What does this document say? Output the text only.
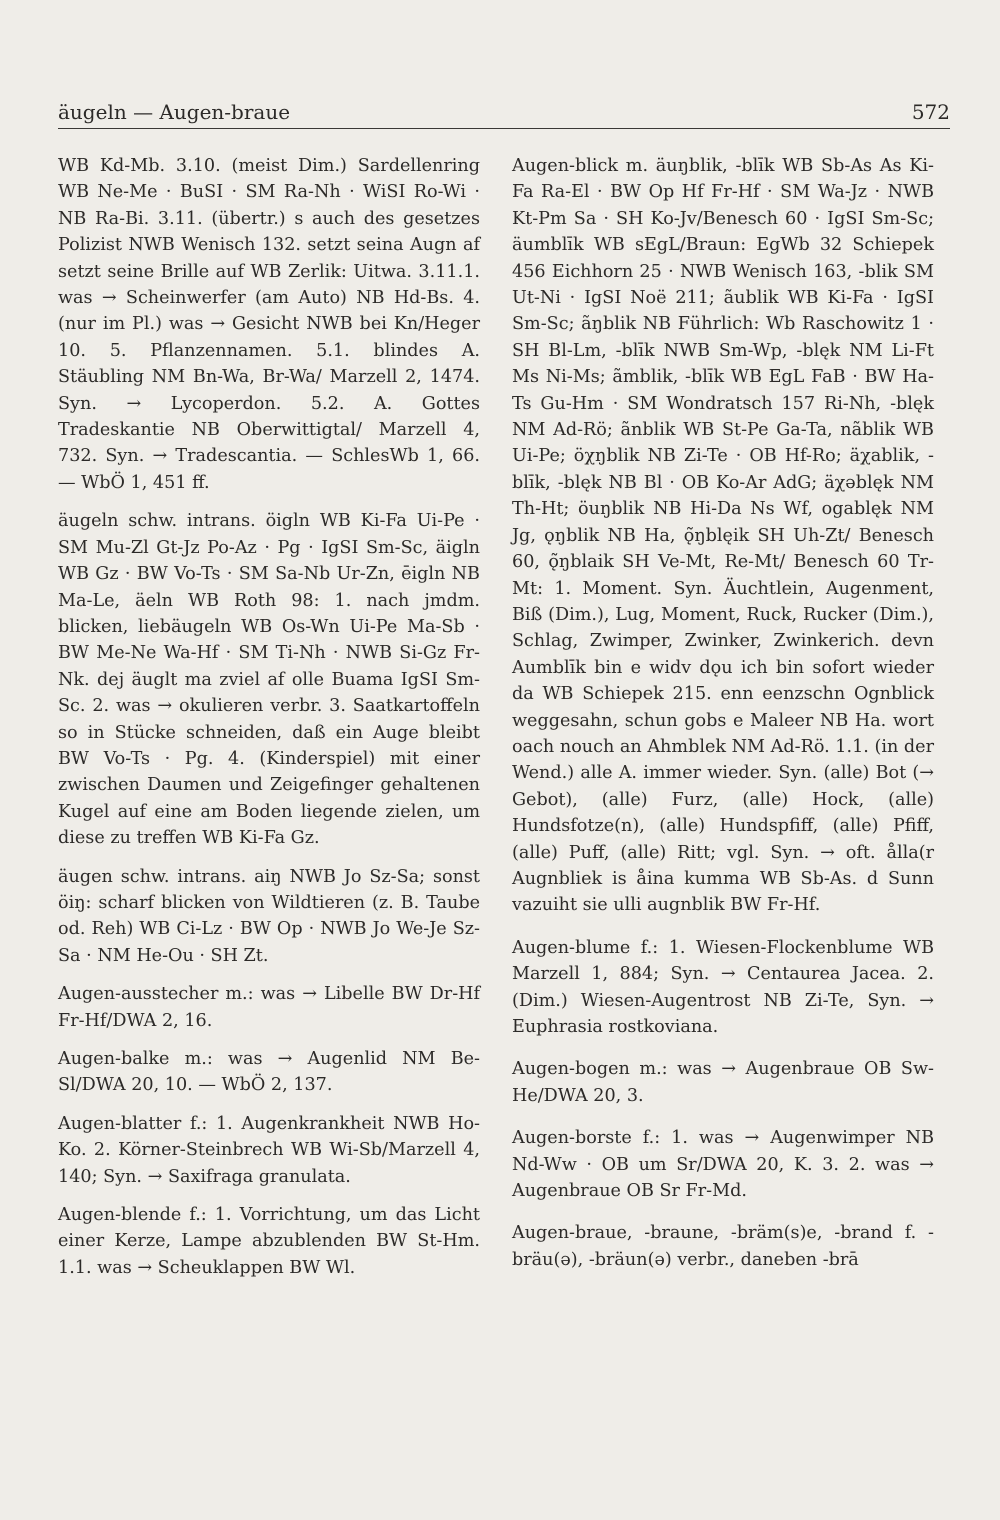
äugeln — Augen-braue	572

WB Kd-Mb. 3.10. (meist Dim.) Sardellenring WB Ne-Me · BuSI · SM Ra-Nh · WiSI Ro-Wi · NB Ra-Bi. 3.11. (übertr.) s auch des gesetzes Polizist NWB Wenisch 132. setzt seina Augn af setzt seine Brille auf WB Zerlik: Uitwa. 3.11.1. was → Scheinwerfer (am Auto) NB Hd-Bs. 4. (nur im Pl.) was → Gesicht NWB bei Kn/Heger 10. 5. Pflanzennamen. 5.1. blindes A. Stäubling NM Bn-Wa, Br-Wa/ Marzell 2, 1474. Syn. → Lycoperdon. 5.2. A. Gottes Tradeskantie NB Oberwittigtal/ Marzell 4, 732. Syn. → Tradescantia. — SchlesWb 1, 66. — WbÖ 1, 451 ff.

äugeln schw. intrans. öigln WB Ki-Fa Ui-Pe · SM Mu-Zl Gt-Jz Po-Az · Pg · IgSI Sm-Sc, äigln WB Gz · BW Vo-Ts · SM Sa-Nb Ur-Zn, ēigln NB Ma-Le, äeln WB Roth 98: 1. nach jmdm. blicken, liebäugeln WB Os-Wn Ui-Pe Ma-Sb · BW Me-Ne Wa-Hf · SM Ti-Nh · NWB Si-Gz Fr-Nk. dej äuglt ma zviel af olle Buama IgSI Sm-Sc. 2. was → okulieren verbr. 3. Saatkartoffeln so in Stücke schneiden, daß ein Auge bleibt BW Vo-Ts · Pg. 4. (Kinderspiel) mit einer zwischen Daumen und Zeigefinger gehaltenen Kugel auf eine am Boden liegende zielen, um diese zu treffen WB Ki-Fa Gz.

äugen schw. intrans. aiŋ NWB Jo Sz-Sa; sonst öiŋ: scharf blicken von Wildtieren (z. B. Taube od. Reh) WB Ci-Lz · BW Op · NWB Jo We-Je Sz-Sa · NM He-Ou · SH Zt.

Augen-ausstecher m.: was → Libelle BW Dr-Hf Fr-Hf/DWA 2, 16.

Augen-balke m.: was → Augenlid NM Be-Sl/DWA 20, 10. — WbÖ 2, 137.

Augen-blatter f.: 1. Augenkrankheit NWB Ho-Ko. 2. Körner-Steinbrech WB Wi-Sb/Marzell 4, 140; Syn. → Saxifraga granulata.

Augen-blende f.: 1. Vorrichtung, um das Licht einer Kerze, Lampe abzublenden BW St-Hm. 1.1. was → Scheuklappen BW Wl.

Augen-blick m. äuŋblik, -blīk WB Sb-As As Ki-Fa Ra-El · BW Op Hf Fr-Hf · SM Wa-Jz · NWB Kt-Pm Sa · SH Ko-Jv/Benesch 60 · IgSI Sm-Sc; äumblīk WB sEgL/Braun: EgWb 32 Schiepek 456 Eichhorn 25 · NWB Wenisch 163, -blik SM Ut-Ni · IgSI Noë 211; ãublik WB Ki-Fa · IgSI Sm-Sc; ãŋblik NB Führlich: Wb Raschowitz 1 · SH Bl-Lm, -blīk NWB Sm-Wp, -blęk NM Li-Ft Ms Ni-Ms; ãmblik, -blīk WB EgL FaB · BW Ha-Ts Gu-Hm · SM Wondratsch 157 Ri-Nh, -blęk NM Ad-Rö; ãnblik WB St-Pe Ga-Ta, nãblik WB Ui-Pe; öχŋblik NB Zi-Te · OB Hf-Ro; äχablik, -blīk, -blęk NB Bl · OB Ko-Ar AdG; äχəblęk NM Th-Ht; öuŋblik NB Hi-Da Ns Wf, ogablęk NM Jg, ǫŋblik NB Ha, ǫ̃ŋblęik SH Uh-Zt/ Benesch 60, ǫ̃ŋblaik SH Ve-Mt, Re-Mt/ Benesch 60 Tr-Mt: 1. Moment. Syn. Äuchtlein, Augenment, Biß (Dim.), Lug, Moment, Ruck, Rucker (Dim.), Schlag, Zwimper, Zwinker, Zwinkerich. devn Aumblīk bin e widv dǫu ich bin sofort wieder da WB Schiepek 215. enn eenzschn Ognblick weggesahn, schun gobs e Maleer NB Ha. wort oach nouch an Ahmblek NM Ad-Rö. 1.1. (in der Wend.) alle A. immer wieder. Syn. (alle) Bot (→ Gebot), (alle) Furz, (alle) Hock, (alle) Hundsfotze(n), (alle) Hundspfiff, (alle) Pfiff, (alle) Puff, (alle) Ritt; vgl. Syn. → oft. ålla(r Augnbliek is åina kumma WB Sb-As. d Sunn vazuiht sie ulli augnblik BW Fr-Hf.

Augen-blume f.: 1. Wiesen-Flockenblume WB Marzell 1, 884; Syn. → Centaurea Jacea. 2. (Dim.) Wiesen-Augentrost NB Zi-Te, Syn. → Euphrasia rostkoviana.

Augen-bogen m.: was → Augenbraue OB Sw-He/DWA 20, 3.

Augen-borste f.: 1. was → Augenwimper NB Nd-Ww · OB um Sr/DWA 20, K. 3. 2. was → Augenbraue OB Sr Fr-Md.

Augen-braue, -braune, -bräm(s)e, -brand f. -bräu(ə), -bräun(ə) verbr., daneben -brā
